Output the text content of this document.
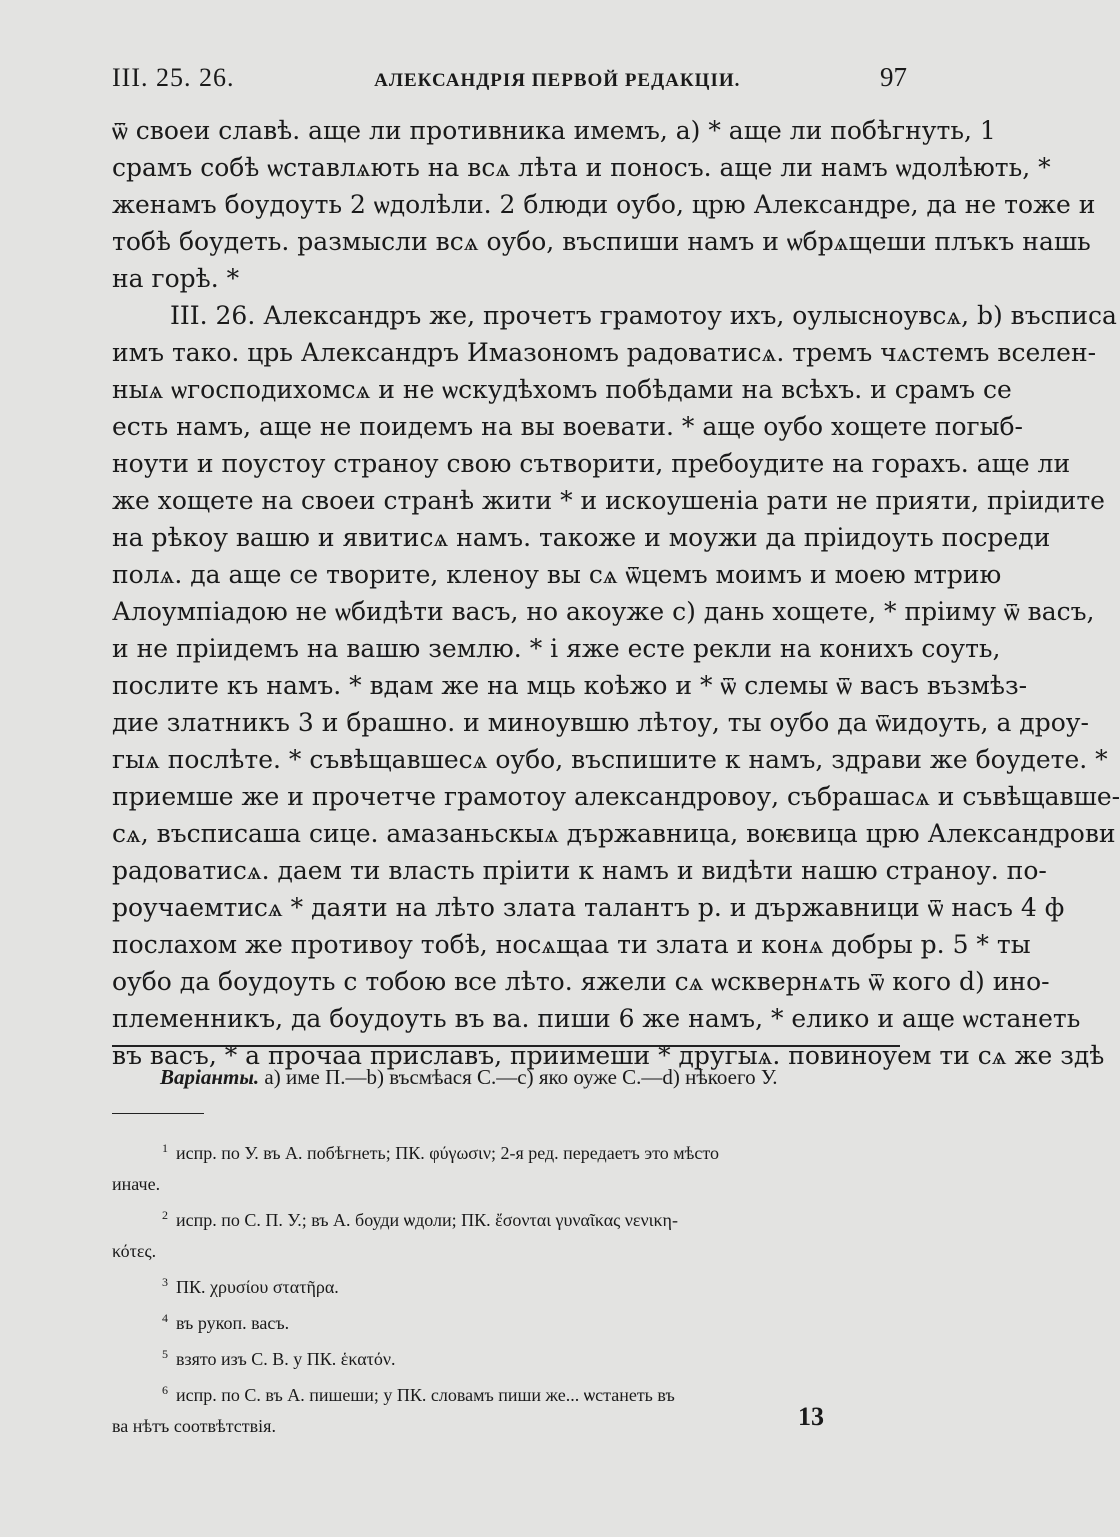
III. 25. 26.	АЛЕКСАНДРІЯ ПЕРВОЙ РЕДАКЦІИ.	97
ѿ своеи славѣ. аще ли противника имемъ, a) * аще ли побѣгнуть, 1
срамъ собѣ ѡставлѧють на всѧ лѣта и поносъ. аще ли намъ ѡдолѣють, *
женамъ боудоуть 2 ѡдолѣли. 2 блюди оубо, црю Александре, да не тоже и
тобѣ боудеть. размысли всѧ оубо, въспиши намъ и ѡбрѧщеши плъкъ нашь
на горѣ. *
III. 26. Александръ же, прочетъ грамотоу ихъ, оулысноувсѧ, b) въсписа
имъ тако. црь Александръ Имазономъ радоватисѧ. тремъ чѧстемъ вселен-
ныѧ ѡгосподихомсѧ и не ѡскудѣхомъ побѣдами на всѣхъ. и срамъ се
есть намъ, аще не поидемъ на вы воевати. * аще оубо хощете погыб-
ноути и поустоу страноу свою сътворити, пребоудите на горахъ. аще ли
же хощете на своеи странѣ жити * и искоушеніа рати не прияти, пріидите
на рѣкоу вашю и явитисѧ намъ. такоже и моужи да пріидоуть посреди
полѧ. да аще се творите, кленоу вы сѧ ѿцемъ моимъ и моею мтрию
Алоумпіадою не ѡбидѣти васъ, но акоуже c) дань хощете, * пріиму ѿ васъ,
и не пріидемъ на вашю землю. * і яже есте рекли на конихъ соуть,
послите къ намъ. * вдам же на мць коѣжо и * ѿ слемы ѿ васъ възмѣз-
дие златникъ 3 и брашно. и миноувшю лѣтоу, ты оубо да ѿидоуть, а дроу-
гыѧ послѣте. * съвѣщавшесѧ оубо, въспишите к намъ, здрави же боудете. *
приемше же и прочетче грамотоу александровоу, събрашасѧ и съвѣщавше-
сѧ, въсписаша сице. амазаньскыѧ държавница, воѥвица црю Александрови
радоватисѧ. даем ти власть пріити к намъ и видѣти нашю страноу. по-
роучаемтисѧ * даяти на лѣто злата талантъ р. и държавници ѿ насъ 4 ф
послахом же противоу тобѣ, носѧщаа ти злата и конѧ добры р. 5 * ты
оубо да боудоуть с тобою все лѣто. яжели сѧ ѡсквернѧть ѿ кого d) ино-
племенникъ, да боудоуть въ ва. пиши 6 же намъ, * елико и аще ѡстанеть
въ васъ, * а прочаа приславъ, приимеши * другыѧ. повиноуем ти сѧ же здѣ
Варіанты. а) име П.—b) въсмѣася С.—с) яко оуже С.—d) нѣкоего У.
$^1$ испр. по У. въ А. побѣгнеть; ПК. φύγωσιν; 2-я ред. передаетъ это мѣсто
иначе.
$^2$ испр. по С. П. У.; въ А. боуди ѡдоли; ПК. ἔσονται γυναῖκας νενικη-
κότες.
$^3$ ПК. χρυσίου στατῆρα.
$^4$ въ рукоп. васъ.
$^5$ взято изъ С. В. у ПК. ἑκατόν.
$^6$ испр. по С. въ А. пишеши; у ПК. словамъ пиши же... ѡстанеть въ
ва нѣтъ соотвѣтствія.	13
